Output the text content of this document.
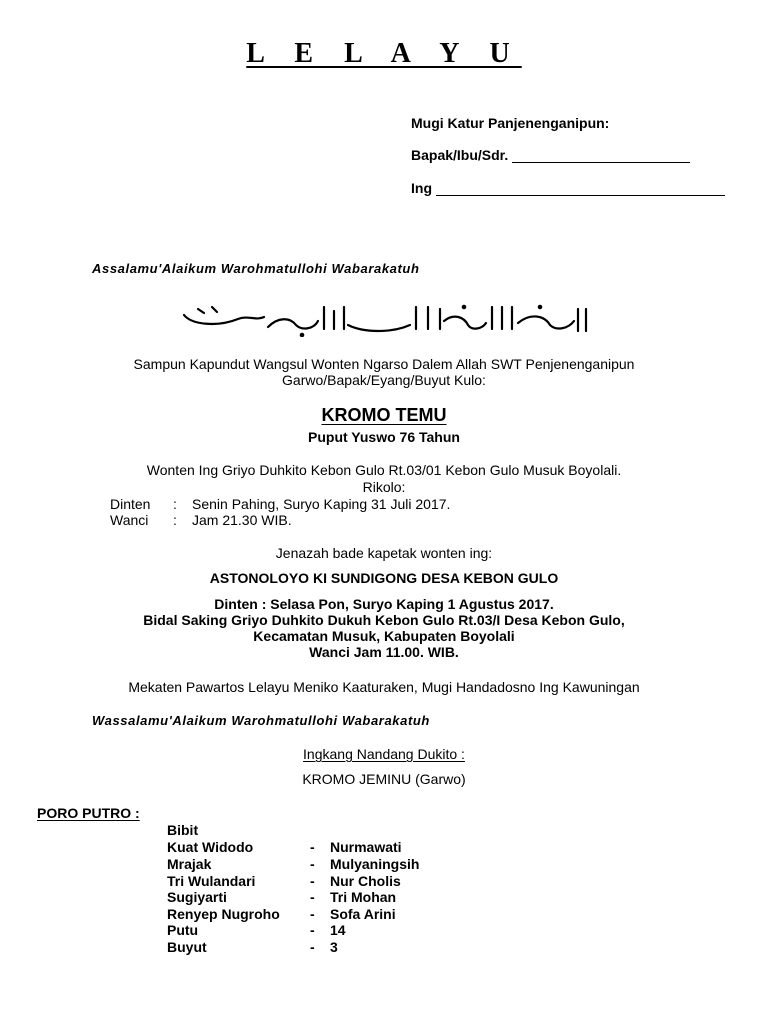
L E L A Y U
Mugi Katur Panjenenganipun:
Bapak/Ibu/Sdr.
Ing
Assalamu'Alaikum Warohmatullohi Wabarakatuh
Sampun Kapundut Wangsul Wonten Ngarso Dalem Allah SWT Penjenenganipun
Garwo/Bapak/Eyang/Buyut Kulo:
KROMO TEMU
Puput Yuswo 76 Tahun
Wonten Ing Griyo Duhkito Kebon Gulo Rt.03/01 Kebon Gulo Musuk Boyolali.
Rikolo:
Dinten : Senin Pahing, Suryo Kaping 31 Juli 2017.
Wanci : Jam 21.30 WIB.
Jenazah bade kapetak wonten ing:
ASTONOLOYO KI SUNDIGONG DESA KEBON GULO
Dinten : Selasa Pon, Suryo Kaping 1 Agustus 2017.
Bidal Saking Griyo Duhkito Dukuh Kebon Gulo Rt.03/I Desa Kebon Gulo,
Kecamatan Musuk, Kabupaten Boyolali
Wanci Jam 11.00. WIB.
Mekaten Pawartos Lelayu Meniko Kaaturaken, Mugi Handadosno Ing Kawuningan
Wassalamu'Alaikum Warohmatullohi Wabarakatuh
Ingkang Nandang Dukito :
KROMO JEMINU (Garwo)
PORO PUTRO :
Bibit
Kuat Widodo	- Nurmawati
Mrajak	- Mulyaningsih
Tri Wulandari	- Nur Cholis
Sugiyarti	- Tri Mohan
Renyep Nugroho - Sofa Arini
Putu	- 14
Buyut	- 3
